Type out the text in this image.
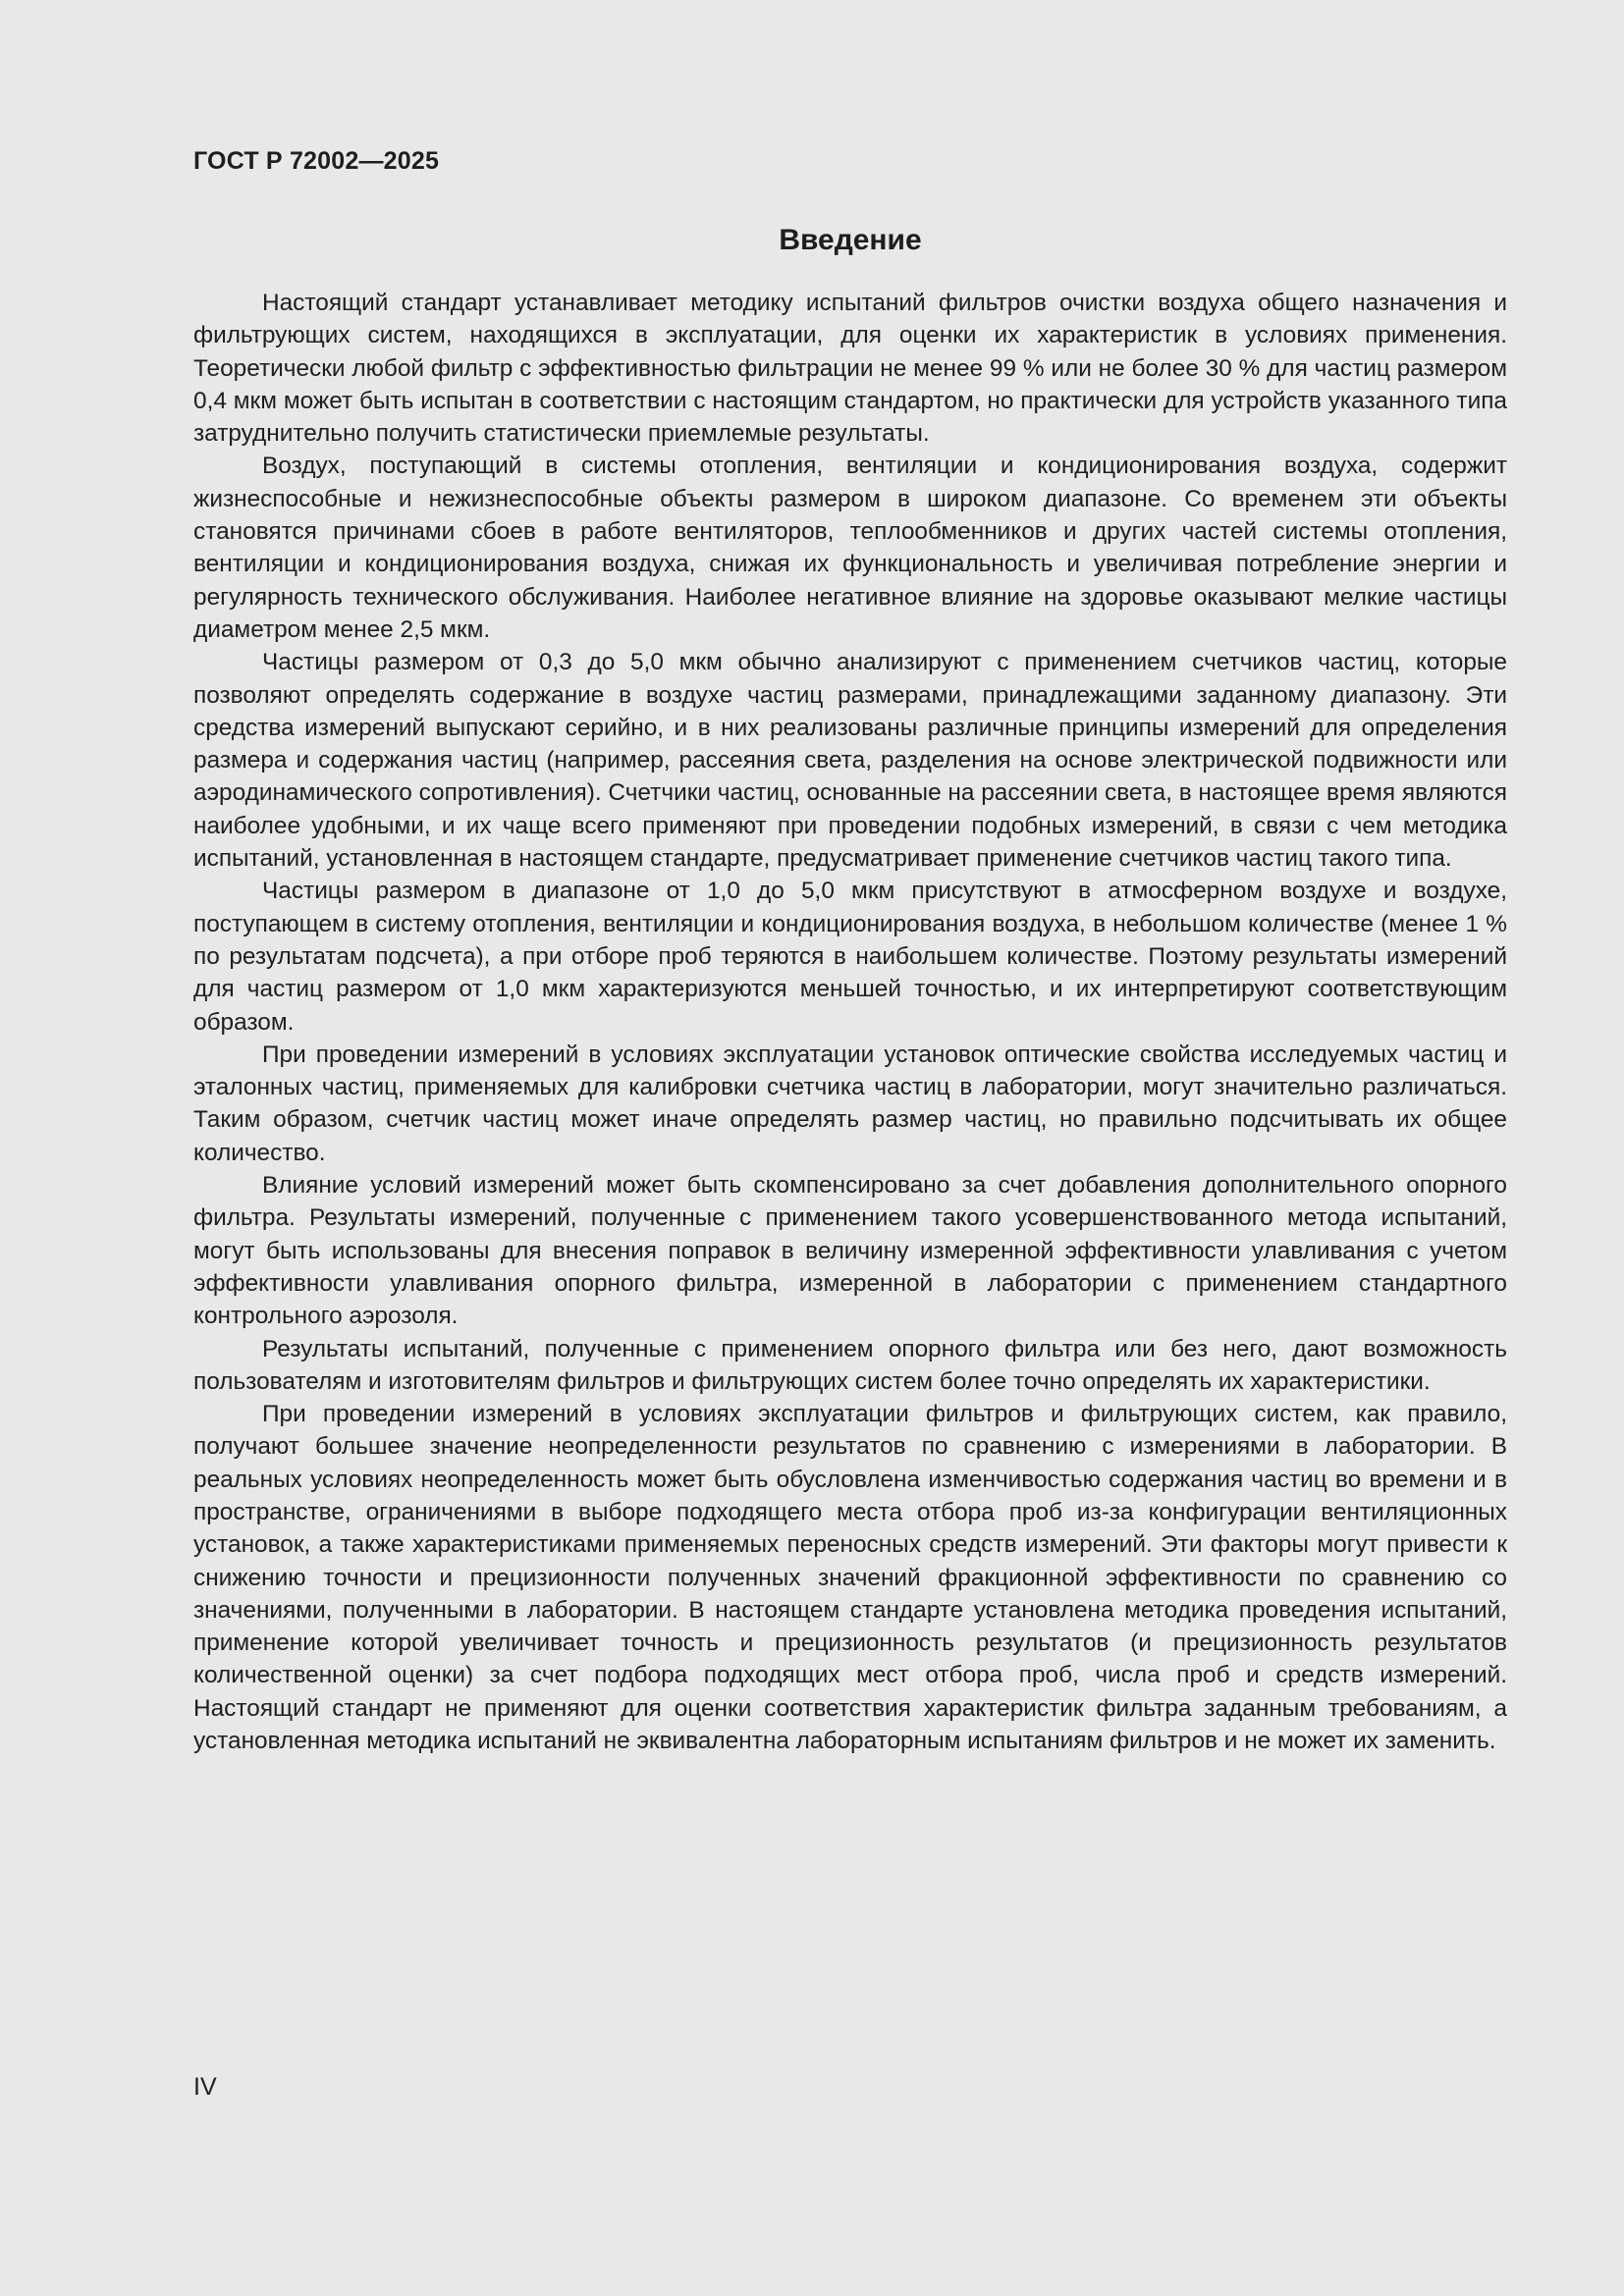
ГОСТ Р 72002—2025

Введение

Настоящий стандарт устанавливает методику испытаний фильтров очистки воздуха общего назначения и фильтрующих систем, находящихся в эксплуатации, для оценки их характеристик в условиях применения. Теоретически любой фильтр с эффективностью фильтрации не менее 99 % или не более 30 % для частиц размером 0,4 мкм может быть испытан в соответствии с настоящим стандартом, но практически для устройств указанного типа затруднительно получить статистически приемлемые результаты.

Воздух, поступающий в системы отопления, вентиляции и кондиционирования воздуха, содержит жизнеспособные и нежизнеспособные объекты размером в широком диапазоне. Со временем эти объекты становятся причинами сбоев в работе вентиляторов, теплообменников и других частей системы отопления, вентиляции и кондиционирования воздуха, снижая их функциональность и увеличивая потребление энергии и регулярность технического обслуживания. Наиболее негативное влияние на здоровье оказывают мелкие частицы диаметром менее 2,5 мкм.

Частицы размером от 0,3 до 5,0 мкм обычно анализируют с применением счетчиков частиц, которые позволяют определять содержание в воздухе частиц размерами, принадлежащими заданному диапазону. Эти средства измерений выпускают серийно, и в них реализованы различные принципы измерений для определения размера и содержания частиц (например, рассеяния света, разделения на основе электрической подвижности или аэродинамического сопротивления). Счетчики частиц, основанные на рассеянии света, в настоящее время являются наиболее удобными, и их чаще всего применяют при проведении подобных измерений, в связи с чем методика испытаний, установленная в настоящем стандарте, предусматривает применение счетчиков частиц такого типа.

Частицы размером в диапазоне от 1,0 до 5,0 мкм присутствуют в атмосферном воздухе и воздухе, поступающем в систему отопления, вентиляции и кондиционирования воздуха, в небольшом количестве (менее 1 % по результатам подсчета), а при отборе проб теряются в наибольшем количестве. Поэтому результаты измерений для частиц размером от 1,0 мкм характеризуются меньшей точностью, и их интерпретируют соответствующим образом.

При проведении измерений в условиях эксплуатации установок оптические свойства исследуемых частиц и эталонных частиц, применяемых для калибровки счетчика частиц в лаборатории, могут значительно различаться. Таким образом, счетчик частиц может иначе определять размер частиц, но правильно подсчитывать их общее количество.

Влияние условий измерений может быть скомпенсировано за счет добавления дополнительного опорного фильтра. Результаты измерений, полученные с применением такого усовершенствованного метода испытаний, могут быть использованы для внесения поправок в величину измеренной эффективности улавливания с учетом эффективности улавливания опорного фильтра, измеренной в лаборатории с применением стандартного контрольного аэрозоля.

Результаты испытаний, полученные с применением опорного фильтра или без него, дают возможность пользователям и изготовителям фильтров и фильтрующих систем более точно определять их характеристики.

При проведении измерений в условиях эксплуатации фильтров и фильтрующих систем, как правило, получают большее значение неопределенности результатов по сравнению с измерениями в лаборатории. В реальных условиях неопределенность может быть обусловлена изменчивостью содержания частиц во времени и в пространстве, ограничениями в выборе подходящего места отбора проб из-за конфигурации вентиляционных установок, а также характеристиками применяемых переносных средств измерений. Эти факторы могут привести к снижению точности и прецизионности полученных значений фракционной эффективности по сравнению со значениями, полученными в лаборатории. В настоящем стандарте установлена методика проведения испытаний, применение которой увеличивает точность и прецизионность результатов (и прецизионность результатов количественной оценки) за счет подбора подходящих мест отбора проб, числа проб и средств измерений. Настоящий стандарт не применяют для оценки соответствия характеристик фильтра заданным требованиям, а установленная методика испытаний не эквивалентна лабораторным испытаниям фильтров и не может их заменить.

IV
